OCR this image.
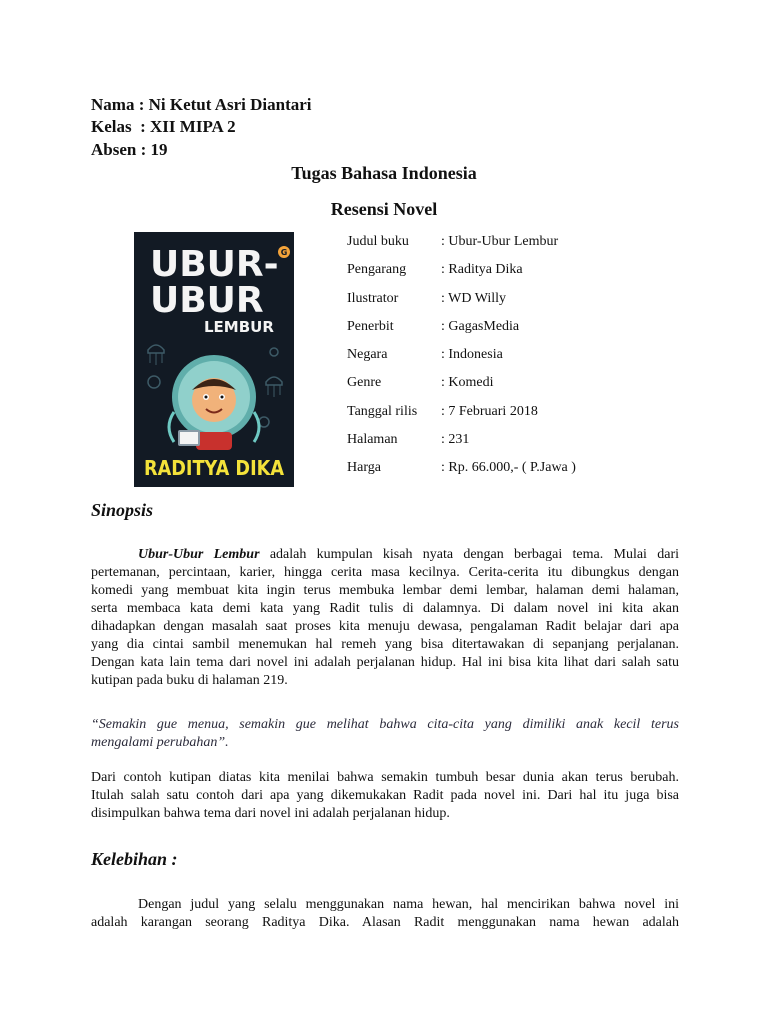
Nama : Ni Ketut Asri Diantari
Kelas  : XII MIPA 2
Absen : 19
Tugas Bahasa Indonesia
Resensi Novel
G
UBUR-
UBUR
LEMBUR
RADITYA DIKA
Judul buku : Ubur-Ubur Lembur
Pengarang : Raditya Dika
Ilustrator	: WD Willy
Penerbit	: GagasMedia
Negara	: Indonesia
Genre	: Komedi
Tanggal rilis : 7 Februari 2018
Halaman	: 231
Harga	: Rp. 66.000,- ( P.Jawa )
Sinopsis
Ubur-Ubur Lembur adalah kumpulan kisah nyata dengan berbagai tema. Mulai dari
pertemanan, percintaan, karier, hingga cerita masa kecilnya. Cerita-cerita itu dibungkus dengan
komedi yang membuat kita ingin terus membuka lembar demi lembar, halaman demi halaman,
serta membaca kata demi kata yang Radit tulis di dalamnya. Di dalam novel ini kita akan
dihadapkan dengan masalah saat proses kita menuju dewasa, pengalaman Radit belajar dari apa
yang dia cintai sambil menemukan hal remeh yang bisa ditertawakan di sepanjang perjalanan.
Dengan kata lain tema dari novel ini adalah perjalanan hidup. Hal ini bisa kita lihat dari salah satu
kutipan pada buku di halaman 219.
“Semakin gue menua, semakin gue melihat bahwa cita-cita yang dimiliki anak kecil terus
mengalami perubahan”.
Dari contoh kutipan diatas kita menilai bahwa semakin tumbuh besar dunia akan terus berubah.
Itulah salah satu contoh dari apa yang dikemukakan Radit pada novel ini. Dari hal itu juga bisa
disimpulkan bahwa tema dari novel ini adalah perjalanan hidup.
Kelebihan :
Dengan judul yang selalu menggunakan nama hewan, hal mencirikan bahwa novel ini
adalah karangan seorang Raditya Dika. Alasan Radit menggunakan nama hewan adalah
